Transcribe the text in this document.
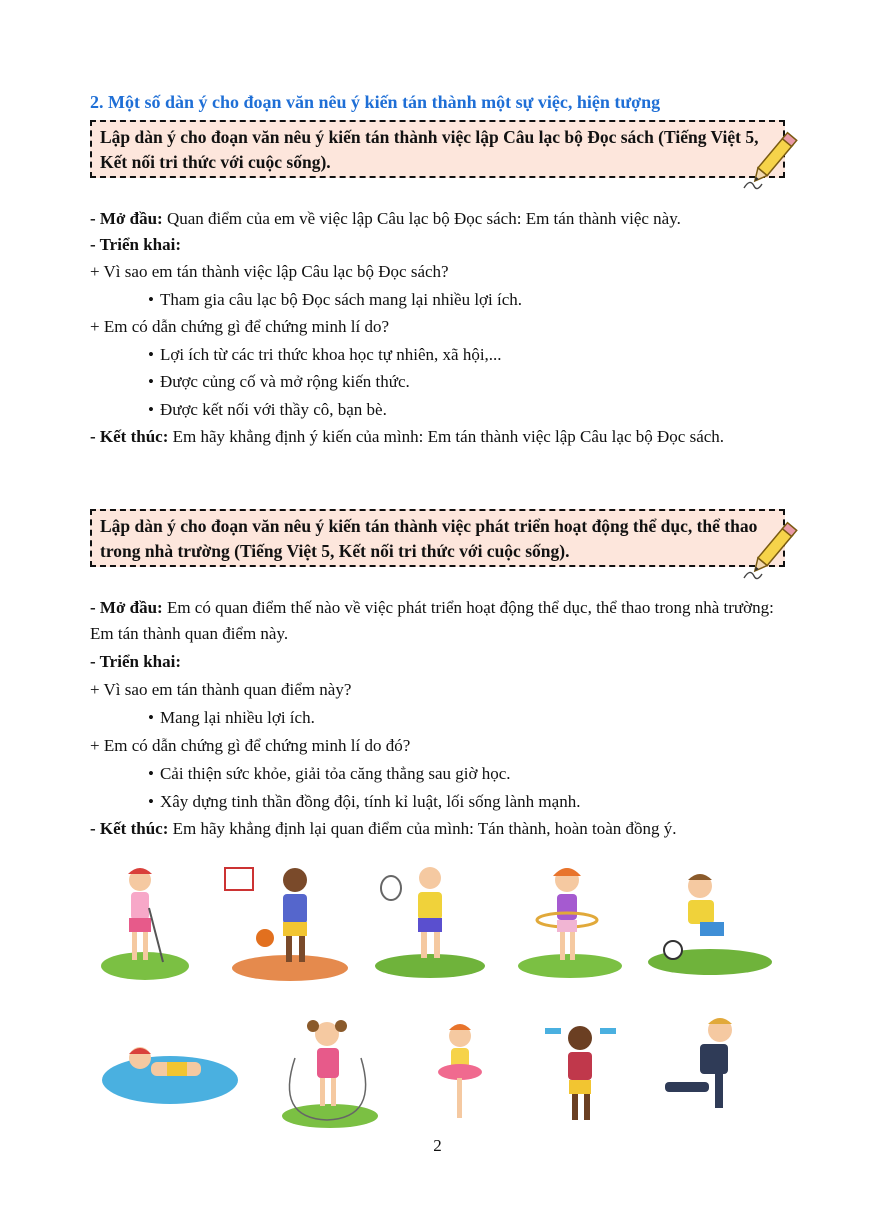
2. Một số dàn ý cho đoạn văn nêu ý kiến tán thành một sự việc, hiện tượng
Lập dàn ý cho đoạn văn nêu ý kiến tán thành việc lập Câu lạc bộ Đọc sách (Tiếng Việt 5, Kết nối tri thức với cuộc sống).
- Mở đầu: Quan điểm của em về việc lập Câu lạc bộ Đọc sách: Em tán thành việc này.
- Triển khai:
+ Vì sao em tán thành việc lập Câu lạc bộ Đọc sách?
• Tham gia câu lạc bộ Đọc sách mang lại nhiều lợi ích.
+ Em có dẫn chứng gì để chứng minh lí do?
• Lợi ích từ các tri thức khoa học tự nhiên, xã hội,...
• Được củng cố và mở rộng kiến thức.
• Được kết nối với thầy cô, bạn bè.
- Kết thúc: Em hãy khẳng định ý kiến của mình: Em tán thành việc lập Câu lạc bộ Đọc sách.
Lập dàn ý cho đoạn văn nêu ý kiến tán thành việc phát triển hoạt động thể dục, thể thao trong nhà trường (Tiếng Việt 5, Kết nối tri thức với cuộc sống).
- Mở đầu: Em có quan điểm thế nào về việc phát triển hoạt động thể dục, thể thao trong nhà trường: Em tán thành quan điểm này.
- Triển khai:
+ Vì sao em tán thành quan điểm này?
• Mang lại nhiều lợi ích.
+ Em có dẫn chứng gì để chứng minh lí do đó?
• Cải thiện sức khỏe, giải tỏa căng thẳng sau giờ học.
• Xây dựng tinh thần đồng đội, tính kỉ luật, lối sống lành mạnh.
- Kết thúc: Em hãy khẳng định lại quan điểm của mình: Tán thành, hoàn toàn đồng ý.
2
